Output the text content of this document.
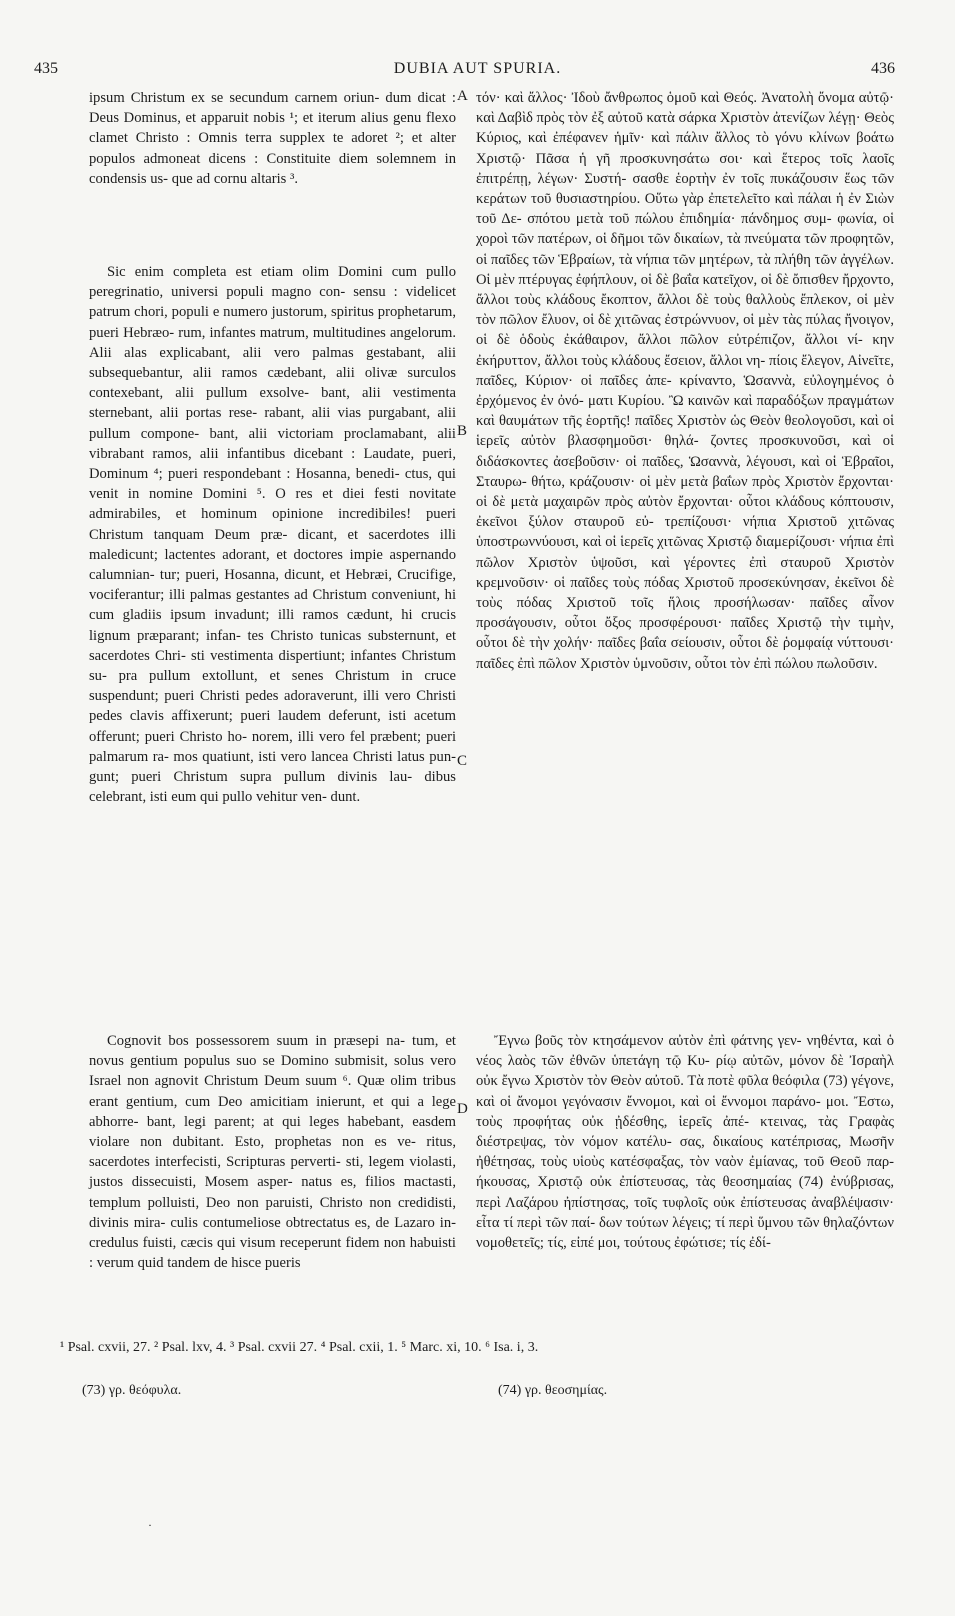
435	DUBIA AUT SPURIA.	436

ipsum Christum ex se secundum carnem oriun- dum dicat : Deus Dominus, et apparuit nobis ¹; et iterum alius genu flexo clamet Christo : Omnis terra supplex te adoret ²; et alter populos admoneat dicens : Constituite diem solemnem in condensis us- que ad cornu altaris ³.

Sic enim completa est etiam olim Domini cum pullo peregrinatio, universi populi magno con- sensu : videlicet patrum chori, populi e numero justorum, spiritus prophetarum, pueri Hebræo- rum, infantes matrum, multitudines angelorum. Alii alas explicabant, alii vero palmas gestabant, alii subsequebantur, alii ramos cædebant, alii olivæ surculos contexebant, alii pullum exsolve- bant, alii vestimenta sternebant, alii portas rese- rabant, alii vias purgabant, alii pullum compone- bant, alii victoriam proclamabant, alii vibrabant ramos, alii infantibus dicebant : Laudate, pueri, Dominum ⁴; pueri respondebant : Hosanna, benedi- ctus, qui venit in nomine Domini ⁵. O res et diei festi novitate admirabiles, et hominum opinione incredibiles! pueri Christum tanquam Deum præ- dicant, et sacerdotes illi maledicunt; lactentes adorant, et doctores impie aspernando calumnian- tur; pueri, Hosanna, dicunt, et Hebræi, Crucifige, vociferantur; illi palmas gestantes ad Christum conveniunt, hi cum gladiis ipsum invadunt; illi ramos cædunt, hi crucis lignum præparant; infan- tes Christo tunicas substernunt, et sacerdotes Chri- sti vestimenta dispertiunt; infantes Christum su- pra pullum extollunt, et senes Christum in cruce suspendunt; pueri Christi pedes adoraverunt, illi vero Christi pedes clavis affixerunt; pueri laudem deferunt, isti acetum offerunt; pueri Christo ho- norem, illi vero fel præbent; pueri palmarum ra- mos quatiunt, isti vero lancea Christi latus pun- gunt; pueri Christum supra pullum divinis lau- dibus celebrant, isti eum qui pullo vehitur ven- dunt.

τόν· καὶ ἄλλος· Ἰδοὺ ἄνθρωπος ὁμοῦ καὶ Θεός. Ἀνατολὴ ὄνομα αὐτῷ· καὶ Δαβὶδ πρὸς τὸν ἐξ αὐτοῦ κατὰ σάρκα Χριστὸν ἀτενίζων λέγῃ· Θεὸς Κύριος, καὶ ἐπέφανεν ἡμῖν· καὶ πάλιν ἄλλος τὸ γόνυ κλίνων βοάτω Χριστῷ· Πᾶσα ἡ γῆ προσκυνησάτω σοι· καὶ ἕτερος τοῖς λαοῖς ἐπιτρέπῃ, λέγων· Συστή- σασθε ἑορτὴν ἐν τοῖς πυκάζουσιν ἕως τῶν κεράτων τοῦ θυσιαστηρίου. Οὕτω γὰρ ἐπετελεῖτο καὶ πάλαι ἡ ἐν Σιὼν τοῦ Δε- σπότου μετὰ τοῦ πώλου ἐπιδημία· πάνδημος συμ- φωνία, οἱ χοροὶ τῶν πατέρων, οἱ δῆμοι τῶν δικαίων, τὰ πνεύματα τῶν προφητῶν, οἱ παῖδες τῶν Ἑβραίων, τὰ νήπια τῶν μητέρων, τὰ πλήθη τῶν ἀγγέλων. Οἱ μὲν πτέρυγας ἐφήπλουν, οἱ δὲ βαΐα κατεῖχον, οἱ δὲ ὄπισθεν ἤρχοντο, ἄλλοι τοὺς κλάδους ἔκοπτον, ἄλλοι δὲ τοὺς θαλλοὺς ἔπλεκον, οἱ μὲν τὸν πῶλον ἔλυον, οἱ δὲ χιτῶνας ἐστρώννυον, οἱ μὲν τὰς πύλας ἤνοιγον, οἱ δὲ ὁδοὺς ἐκάθαιρον, ἄλλοι πῶλον εὐτρέπιζον, ἄλλοι νί- κην ἐκήρυττον, ἄλλοι τοὺς κλάδους ἔσειον, ἄλλοι νη- πίοις ἔλεγον, Αἰνεῖτε, παῖδες, Κύριον· οἱ παῖδες ἀπε- κρίναντο, Ὡσαννὰ, εὐλογημένος ὁ ἐρχόμενος ἐν ὀνό- ματι Κυρίου. Ὢ καινῶν καὶ παραδόξων πραγμάτων καὶ θαυμάτων τῆς ἑορτῆς! παῖδες Χριστὸν ὡς Θεὸν θεολογοῦσι, καὶ οἱ ἱερεῖς αὐτὸν βλασφημοῦσι· θηλά- ζοντες προσκυνοῦσι, καὶ οἱ διδάσκοντες ἀσεβοῦσιν· οἱ παῖδες, Ὡσαννὰ, λέγουσι, καὶ οἱ Ἑβραῖοι, Σταυρω- θήτω, κράζουσιν· οἱ μὲν μετὰ βαΐων πρὸς Χριστὸν ἔρχονται· οἱ δὲ μετὰ μαχαιρῶν πρὸς αὐτὸν ἔρχονται· οὗτοι κλάδους κόπτουσιν, ἐκεῖνοι ξύλον σταυροῦ εὐ- τρεπίζουσι· νήπια Χριστοῦ χιτῶνας ὑποστρωννύουσι, καὶ οἱ ἱερεῖς χιτῶνας Χριστῷ διαμερίζουσι· νήπια ἐπὶ πῶλον Χριστὸν ὑψοῦσι, καὶ γέροντες ἐπὶ σταυροῦ Χριστὸν κρεμνοῦσιν· οἱ παῖδες τοὺς πόδας Χριστοῦ προσεκύνησαν, ἐκεῖνοι δὲ τοὺς πόδας Χριστοῦ τοῖς ἥλοις προσήλωσαν· παῖδες αἶνον προσάγουσιν, οὗτοι ὄξος προσφέρουσι· παῖδες Χριστῷ τὴν τιμὴν, οὗτοι δὲ τὴν χολήν· παῖδες βαΐα σείουσιν, οὗτοι δὲ ῥομφαίᾳ νύττουσι· παῖδες ἐπὶ πῶλον Χριστὸν ὑμνοῦσιν, οὗτοι τὸν ἐπὶ πώλου πωλοῦσιν.

Cognovit bos possessorem suum in præsepi na- tum, et novus gentium populus suo se Domino submisit, solus vero Israel non agnovit Christum Deum suum ⁶. Quæ olim tribus erant gentium, cum Deo amicitiam inierunt, et qui a lege abhorre- bant, legi parent; at qui leges habebant, easdem violare non dubitant. Esto, prophetas non es ve- ritus, sacerdotes interfecisti, Scripturas perverti- sti, legem violasti, justos dissecuisti, Mosem asper- natus es, filios mactasti, templum polluisti, Deo non paruisti, Christo non credidisti, divinis mira- culis contumeliose obtrectatus es, de Lazaro in- credulus fuisti, cæcis qui visum receperunt fidem non habuisti : verum quid tandem de hisce pueris

Ἔγνω βοῦς τὸν κτησάμενον αὐτὸν ἐπὶ φάτνης γεν- νηθέντα, καὶ ὁ νέος λαὸς τῶν ἐθνῶν ὑπετάγη τῷ Κυ- ρίῳ αὐτῶν, μόνον δὲ Ἰσραὴλ οὐκ ἔγνω Χριστὸν τὸν Θεὸν αὐτοῦ. Τὰ ποτὲ φῦλα θεόφιλα (73) γέγονε, καὶ οἱ ἄνομοι γεγόνασιν ἔννομοι, καὶ οἱ ἔννομοι παράνο- μοι. Ἔστω, τοὺς προφήτας οὐκ ᾐδέσθης, ἱερεῖς ἀπέ- κτεινας, τὰς Γραφὰς διέστρεψας, τὸν νόμον κατέλυ- σας, δικαίους κατέπρισας, Μωσῆν ἠθέτησας, τοὺς υἱοὺς κατέσφαξας, τὸν ναὸν ἐμίανας, τοῦ Θεοῦ παρ- ήκουσας, Χριστῷ οὐκ ἐπίστευσας, τὰς θεοσημαίας (74) ἐνύβρισας, περὶ Λαζάρου ἠπίστησας, τοῖς τυφλοῖς οὐκ ἐπίστευσας ἀναβλέψασιν· εἶτα τί περὶ τῶν παί- δων τούτων λέγεις; τί περὶ ὕμνου τῶν θηλαζόντων νομοθετεῖς; τίς, εἰπέ μοι, τούτους ἐφώτισε; τίς ἐδί-

A
B
C
D
¹ Psal. cxvii, 27. ² Psal. lxv, 4. ³ Psal. cxvii 27. ⁴ Psal. cxii, 1. ⁵ Marc. xi, 10. ⁶ Isa. i, 3.
(73) γρ. θεόφυλα.	(74) γρ. θεοσημίας.
·
